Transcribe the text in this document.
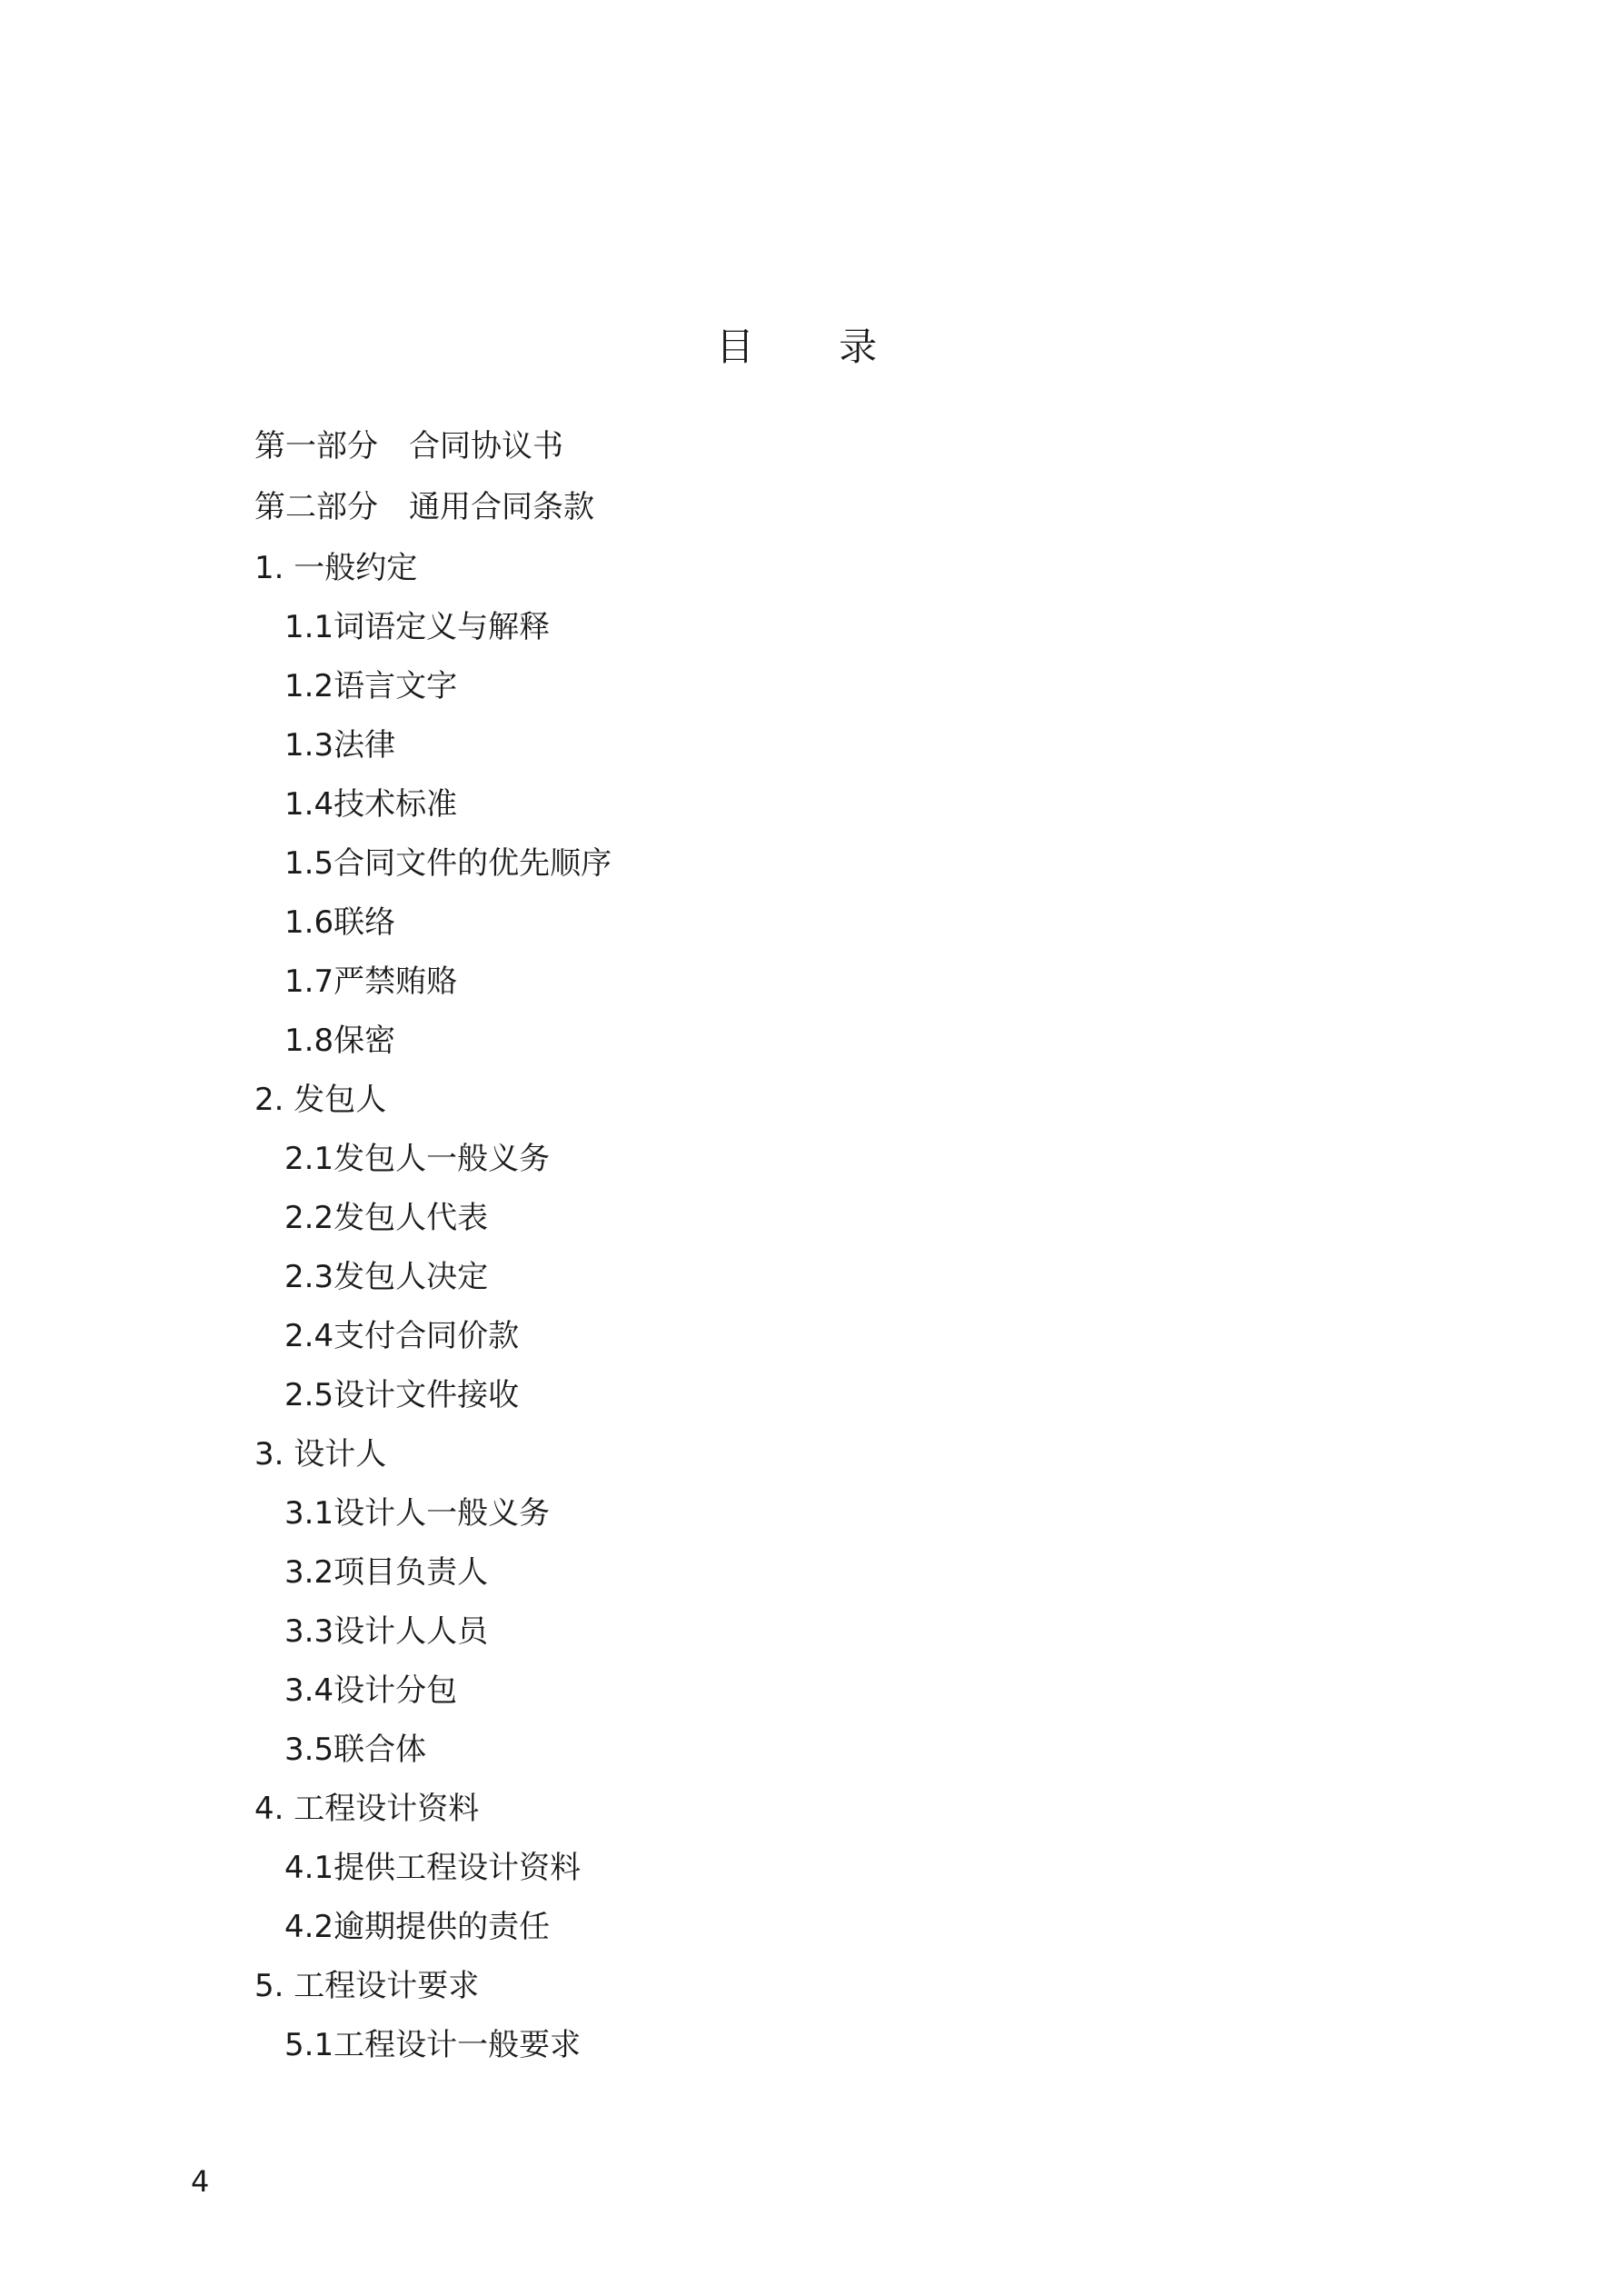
目 录
第一部分 合同协议书
第二部分 通用合同条款
1. 一般约定
1.1词语定义与解释
1.2语言文字
1.3法律
1.4技术标准
1.5合同文件的优先顺序
1.6联络
1.7严禁贿赂
1.8保密
2. 发包人
2.1发包人一般义务
2.2发包人代表
2.3发包人决定
2.4支付合同价款
2.5设计文件接收
3. 设计人
3.1设计人一般义务
3.2项目负责人
3.3设计人人员
3.4设计分包
3.5联合体
4. 工程设计资料
4.1提供工程设计资料
4.2逾期提供的责任
5. 工程设计要求
5.1工程设计一般要求
4
